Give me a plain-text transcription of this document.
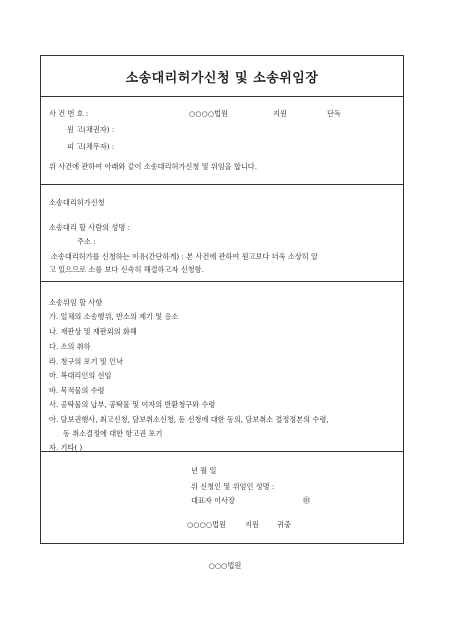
소송대리허가신청 및 소송위임장
사 건 번 호 :	○○○○법원	지원	단독
원 고(채권자) :
피 고(채무자) :
위 사건에 관하여 아래와 같이 소송대리허가신청 및 위임을 합니다.
소송대리허가신청
소송대리 할 사람의 성명 :
주소 :
소송대리허가를 신청하는 이유(간단하게) : 본 사건에 관하여 원고보다 더욱 소상히 알
고 있으므로 소를 보다 신속히 해결하고자 신청함.
소송위임 할 사항
가. 일체의 소송행위, 반소의 제기 및 응소
나. 재판상 및 재판외의 화해
다. 소의 취하
라. 청구의 포기 및 인낙
마. 복대리인의 선임
바. 목적물의 수령
사. 공탁물의 납부, 공탁물 및 이자의 반환청구와 수령
아. 담보권행사, 최고신청, 담보취소신청, 동 신청에 대한 동의, 담보취소 결정정본의 수령,
동 취소결정에 대한 항고권 포기
자. 기타( )
년 월 일
위 신청인 및 위임인 성명 :
대표자 이사장	㊞
○○○○법원	지원	귀중
○○○법원
